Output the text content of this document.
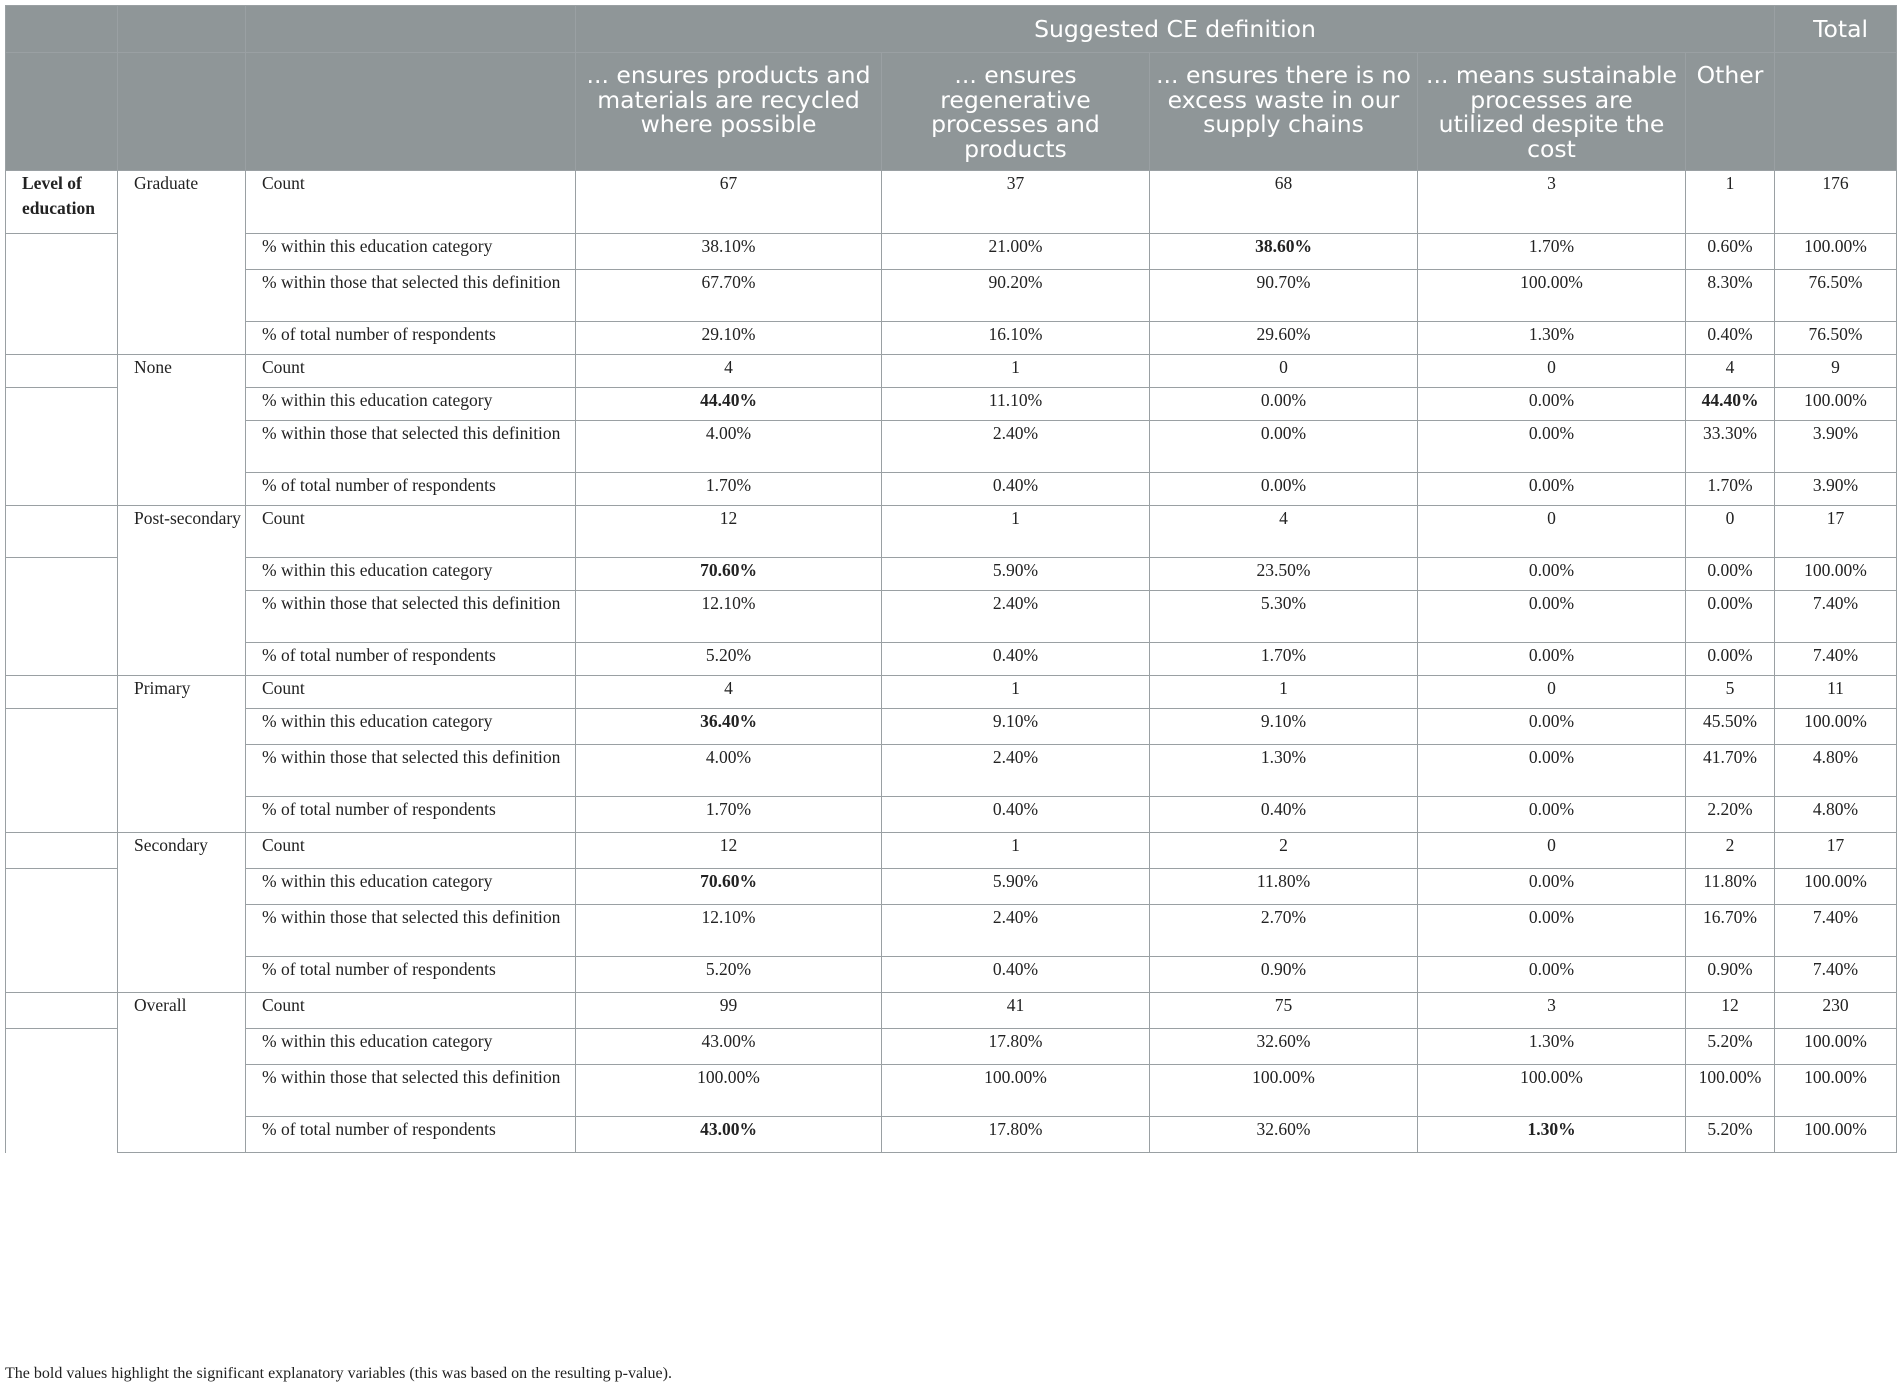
			Suggested CE definition					Total
			... ensures products and materials are recycled where possible	... ensures regenerative processes and products	... ensures there is no excess waste in our supply chains	... means sustainable processes are utilized despite the cost	Other	
Level of education	Graduate	Count	67	37	68	3	1	176
		% within this education category	38.10%	21.00%	38.60%	1.70%	0.60%	100.00%
		% within those that selected this definition	67.70%	90.20%	90.70%	100.00%	8.30%	76.50%
		% of total number of respondents	29.10%	16.10%	29.60%	1.30%	0.40%	76.50%
	None	Count	4	1	0	0	4	9
		% within this education category	44.40%	11.10%	0.00%	0.00%	44.40%	100.00%
		% within those that selected this definition	4.00%	2.40%	0.00%	0.00%	33.30%	3.90%
		% of total number of respondents	1.70%	0.40%	0.00%	0.00%	1.70%	3.90%
	Post-secondary	Count	12	1	4	0	0	17
		% within this education category	70.60%	5.90%	23.50%	0.00%	0.00%	100.00%
		% within those that selected this definition	12.10%	2.40%	5.30%	0.00%	0.00%	7.40%
		% of total number of respondents	5.20%	0.40%	1.70%	0.00%	0.00%	7.40%
	Primary	Count	4	1	1	0	5	11
		% within this education category	36.40%	9.10%	9.10%	0.00%	45.50%	100.00%
		% within those that selected this definition	4.00%	2.40%	1.30%	0.00%	41.70%	4.80%
		% of total number of respondents	1.70%	0.40%	0.40%	0.00%	2.20%	4.80%
	Secondary	Count	12	1	2	0	2	17
		% within this education category	70.60%	5.90%	11.80%	0.00%	11.80%	100.00%
		% within those that selected this definition	12.10%	2.40%	2.70%	0.00%	16.70%	7.40%
		% of total number of respondents	5.20%	0.40%	0.90%	0.00%	0.90%	7.40%
	Overall	Count	99	41	75	3	12	230
		% within this education category	43.00%	17.80%	32.60%	1.30%	5.20%	100.00%
		% within those that selected this definition	100.00%	100.00%	100.00%	100.00%	100.00%	100.00%
		% of total number of respondents	43.00%	17.80%	32.60%	1.30%	5.20%	100.00%
The bold values highlight the significant explanatory variables (this was based on the resulting p-value).
